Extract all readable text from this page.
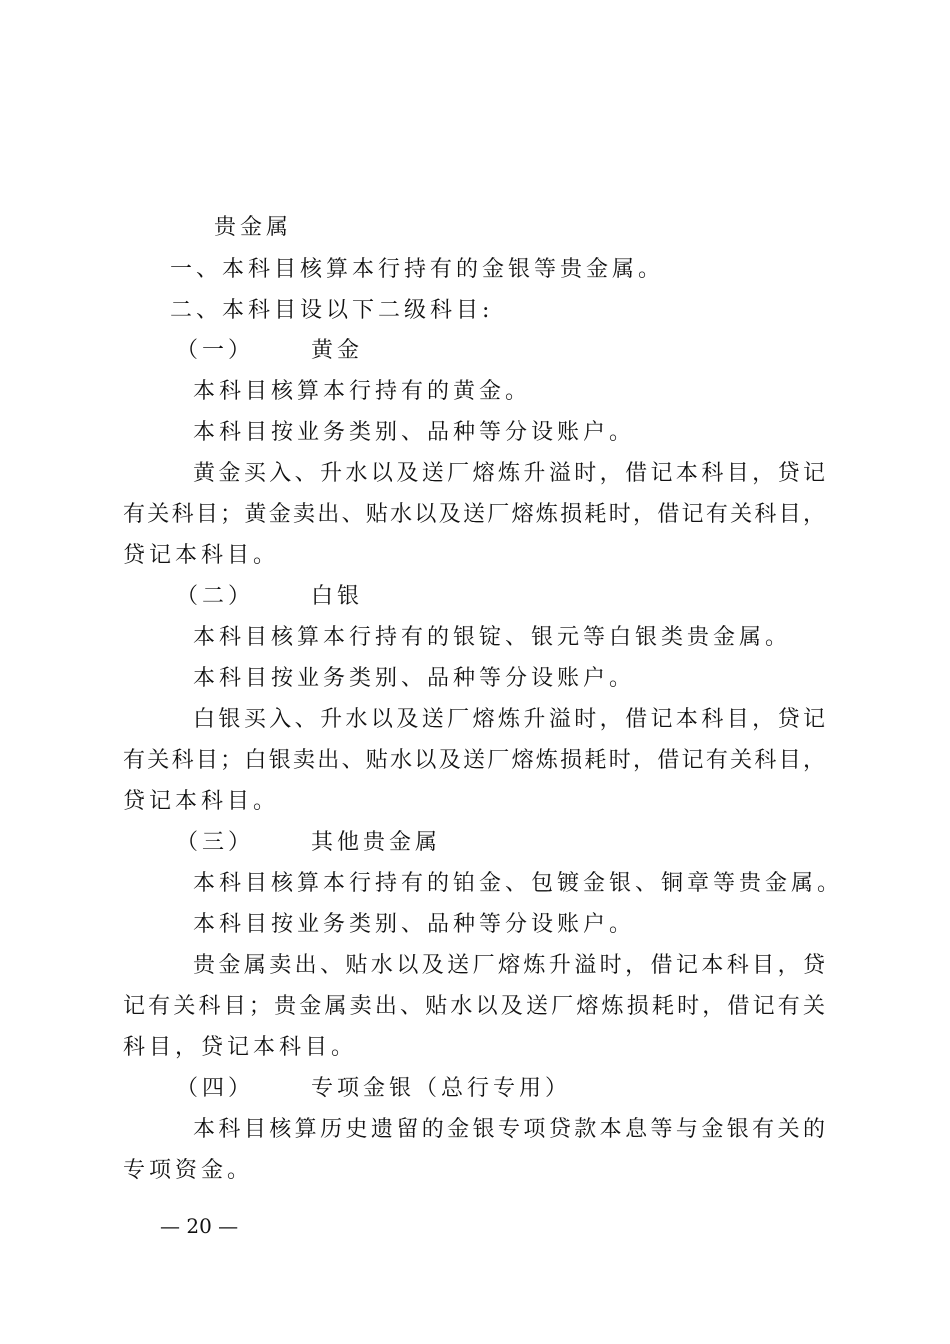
贵金属
一、本科目核算本行持有的金银等贵金属。
二、本科目设以下二级科目:
（一）	黄金
本科目核算本行持有的黄金。
本科目按业务类别、品种等分设账户。
黄金买入、升水以及送厂熔炼升溢时，借记本科目，贷记
有关科目；黄金卖出、贴水以及送厂熔炼损耗时，借记有关科目，
贷记本科目。
（二）	白银
本科目核算本行持有的银锭、银元等白银类贵金属。
本科目按业务类别、品种等分设账户。
白银买入、升水以及送厂熔炼升溢时，借记本科目，贷记
有关科目；白银卖出、贴水以及送厂熔炼损耗时，借记有关科目，
贷记本科目。
（三）	其他贵金属
本科目核算本行持有的铂金、包镀金银、铜章等贵金属。
本科目按业务类别、品种等分设账户。
贵金属卖出、贴水以及送厂熔炼升溢时，借记本科目，贷
记有关科目；贵金属卖出、贴水以及送厂熔炼损耗时，借记有关
科目，贷记本科目。
（四）	专项金银（总行专用）
本科目核算历史遗留的金银专项贷款本息等与金银有关的
专项资金。
— 20 —
